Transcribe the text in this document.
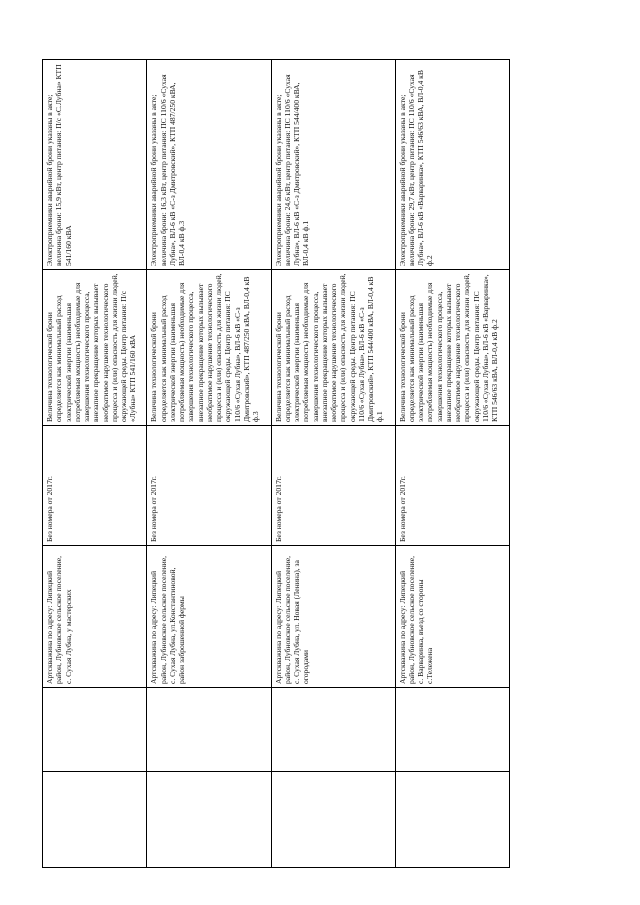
		Артскважина по адресу: Липецкий район, Лубновское сельское поселение, с. Сухая Лубна, у мастерских	Без номера от 2017г.	Величина технологической брони определяется как минимальный расход электрической энергии (наименьшая потребляемая мощность) необходимые для завершения технологического процесса, внезапное прекращение которых вызывает необратимое нарушение технологического процесса и (или) опасность для жизни людей, окружающей среды. Центр питания: П/с «Лубна» КТП 541/160 кВА	Электроприемники аварийной брони указаны в акте; величина брони: 15,9 кВт, центр питания: П/с «С.Лубна» КТП 541/160 кВА
		Артскважина по адресу: Липецкий район, Лубновское сельское поселение, с. Сухая Лубна, ул.Константиновой, район заброшенной фермы	Без номера от 2017г.	Величина технологической брони определяется как минимальный расход электрической энергии (наименьшая потребляемая мощность) необходимые для завершения технологического процесса, внезапное прекращение которых вызывает необратимое нарушение технологического процесса и (или) опасность для жизни людей, окружающей среды. Центр питания: ПС 110/6 «Сухая Лубна», ВЛ-6 кВ «С-з Дмитровский», КТП 487/250 кВА, ВЛ-0,4 кВ ф.3	Электроприемники аварийной брони указаны в акте; величина брони: 16,3 кВт, центр питания: ПС 110/6 «Сухая Лубна», ВЛ-6 кВ «С-з Дмитровский», КТП 487/250 кВА, ВЛ-0,4 кВ ф.3
		Артскважина по адресу: Липецкий район, Лубновское сельское поселение, с. Сухая Лубна, ул. Новая (Ленина), за огородами	Без номера от 2017г.	Величина технологической брони определяется как минимальный расход электрической энергии (наименьшая потребляемая мощность) необходимые для завершения технологического процесса, внезапное прекращение которых вызывает необратимое нарушение технологического процесса и (или) опасность для жизни людей, окружающей среды. Центр питания: ПС 110/6 «Сухая Лубна», ВЛ-6 кВ «С-з Дмитровский», КТП 544/400 кВА, ВЛ-0,4 кВ ф.1	Электроприемники аварийной брони указаны в акте; величина брони: 24,6 кВт, центр питания: ПС 110/6 «Сухая Лубна», ВЛ-6 кВ «С-з Дмитровский», КТП 544/400 кВА, ВЛ-0,4 кВ ф.1
		Артскважина по адресу: Липецкий район, Лубновское сельское поселение, с. Варваринка, въезд со стороны с.Тележена	Без номера от 2017г.	Величина технологической брони определяется как минимальный расход электрической энергии (наименьшая потребляемая мощность) необходимые для завершения технологического процесса, внезапное прекращение которых вызывает необратимое нарушение технологического процесса и (или) опасность для жизни людей, окружающей среды. Центр питания: ПС 110/6 «Сухая Лубна», ВЛ-6 кВ «Варваринка», КТП 546/63 кВА, ВЛ-0,4 кВ ф.2	Электроприемники аварийной брони указаны в акте; величина брони: 29,7 кВт, центр питания: ПС 110/6 «Сухая Лубна», ВЛ-6 кВ «Варваринка», КТП 546/63 кВА, ВЛ-0,4 кВ ф.2
